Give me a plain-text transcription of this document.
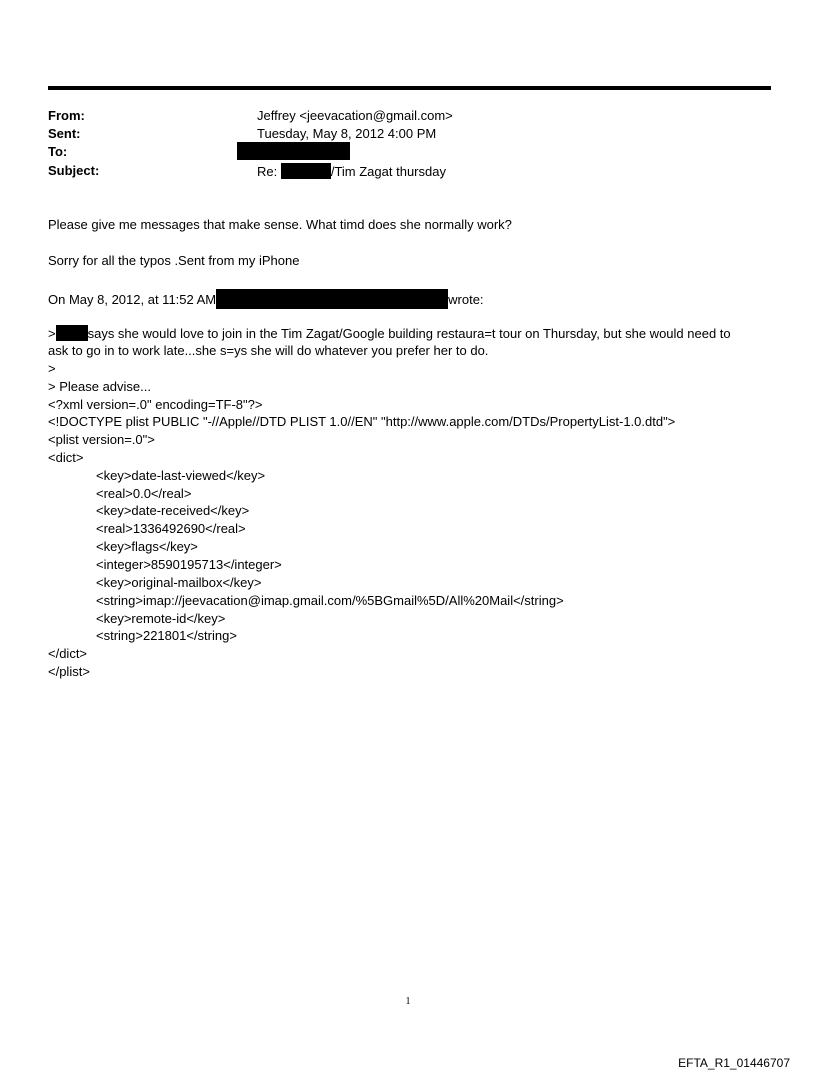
From:	Jeffrey <jeevacation@gmail.com>
Sent:	Tuesday, May 8, 2012 4:00 PM
To:
Subject:	Re:	/Tim Zagat thursday
Please give me messages that make sense. What timd does she normally work?
Sorry for all the typos .Sent from my iPhone
On May 8, 2012, at 11:52 AM	wrote:
> says she would love to join in the Tim Zagat/Google building restaura=t tour on Thursday, but she would need to
ask to go in to work late...she s=ys she will do whatever you prefer her to do.
>
> Please advise...
<?xml version=.0" encoding=TF-8"?>
<!DOCTYPE plist PUBLIC "-//Apple//DTD PLIST 1.0//EN" "http://www.apple.com/DTDs/PropertyList-1.0.dtd">
<plist version=.0">
<dict>
<key>date-last-viewed</key>
<real>0.0</real>
<key>date-received</key>
<real>1336492690</real>
<key>flags</key>
<integer>8590195713</integer>
<key>original-mailbox</key>
<string>imap://jeevacation@imap.gmail.com/%5BGmail%5D/All%20Mail</string>
<key>remote-id</key>
<string>221801</string>
</dict>
</plist>
1
EFTA_R1_01446707
